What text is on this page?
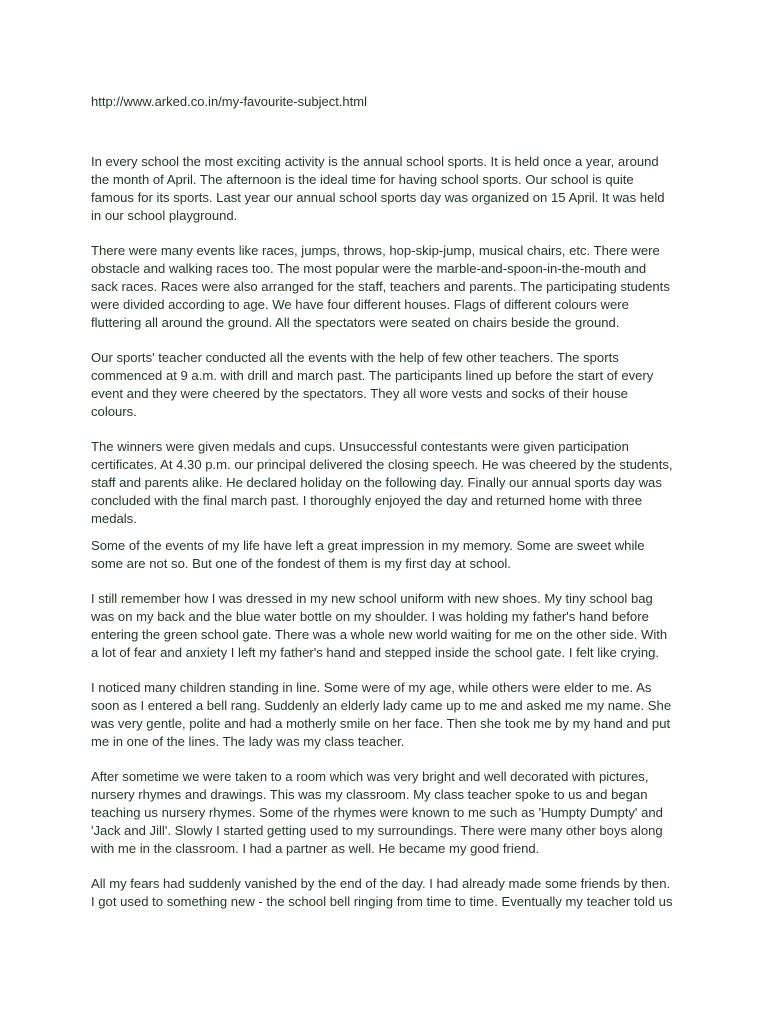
http://www.arked.co.in/my-favourite-subject.html

In every school the most exciting activity is the annual school sports. It is held once a year, around
the month of April. The afternoon is the ideal time for having school sports. Our school is quite
famous for its sports. Last year our annual school sports day was organized on 15 April. It was held
in our school playground.

There were many events like races, jumps, throws, hop-skip-jump, musical chairs, etc. There were
obstacle and walking races too. The most popular were the marble-and-spoon-in-the-mouth and
sack races. Races were also arranged for the staff, teachers and parents. The participating students
were divided according to age. We have four different houses. Flags of different colours were
fluttering all around the ground. All the spectators were seated on chairs beside the ground.

Our sports' teacher conducted all the events with the help of few other teachers. The sports
commenced at 9 a.m. with drill and march past. The participants lined up before the start of every
event and they were cheered by the spectators. They all wore vests and socks of their house
colours.

The winners were given medals and cups. Unsuccessful contestants were given participation
certificates. At 4.30 p.m. our principal delivered the closing speech. He was cheered by the students,
staff and parents alike. He declared holiday on the following day. Finally our annual sports day was
concluded with the final march past. I thoroughly enjoyed the day and returned home with three
medals.

Some of the events of my life have left a great impression in my memory. Some are sweet while
some are not so. But one of the fondest of them is my first day at school.

I still remember how I was dressed in my new school uniform with new shoes. My tiny school bag
was on my back and the blue water bottle on my shoulder. I was holding my father's hand before
entering the green school gate. There was a whole new world waiting for me on the other side. With
a lot of fear and anxiety I left my father's hand and stepped inside the school gate. I felt like crying.

I noticed many children standing in line. Some were of my age, while others were elder to me. As
soon as I entered a bell rang. Suddenly an elderly lady came up to me and asked me my name. She
was very gentle, polite and had a motherly smile on her face. Then she took me by my hand and put
me in one of the lines. The lady was my class teacher.

After sometime we were taken to a room which was very bright and well decorated with pictures,
nursery rhymes and drawings. This was my classroom. My class teacher spoke to us and began
teaching us nursery rhymes. Some of the rhymes were known to me such as 'Humpty Dumpty' and
'Jack and Jill'. Slowly I started getting used to my surroundings. There were many other boys along
with me in the classroom. I had a partner as well. He became my good friend.

All my fears had suddenly vanished by the end of the day. I had already made some friends by then.
I got used to something new - the school bell ringing from time to time. Eventually my teacher told us
